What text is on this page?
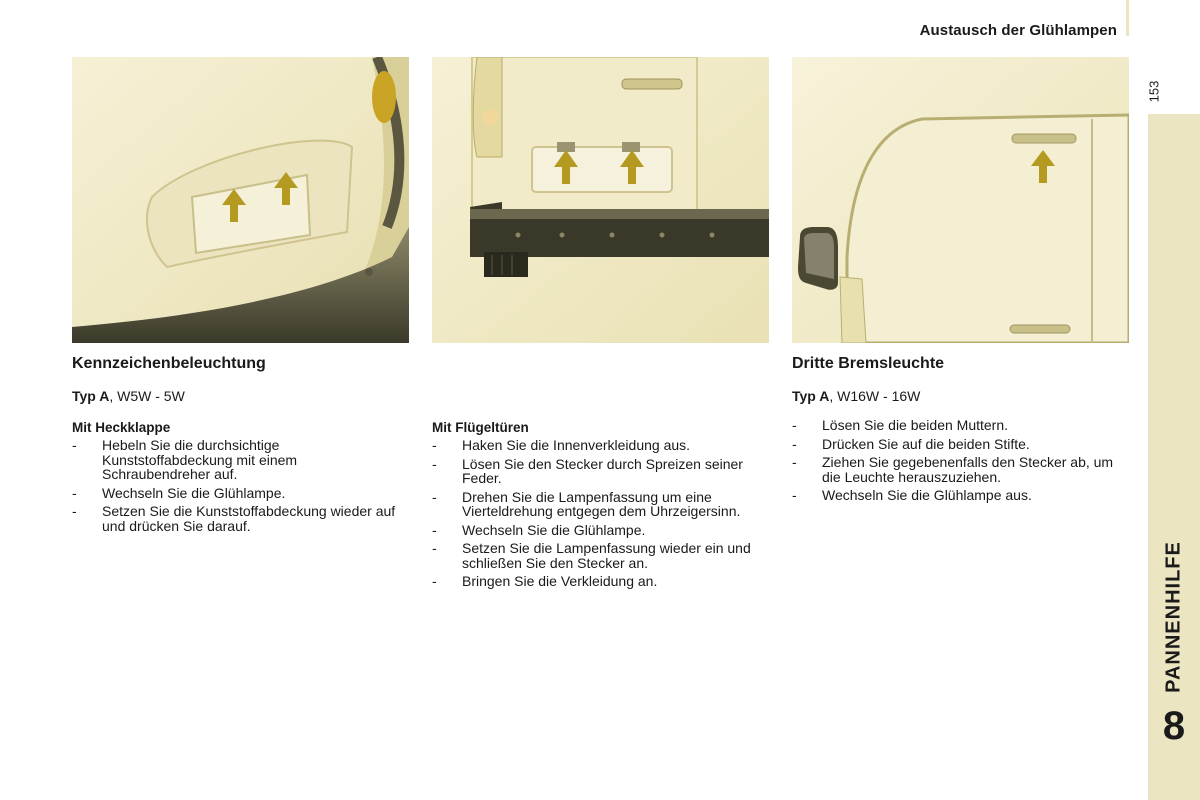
Austausch der Glühlampen
153
PANNENHILFE
8
Kennzeichenbeleuchtung
Typ A, W5W - 5W
Mit Heckklappe
- Hebeln Sie die durchsichtige Kunststoffabdeckung mit einem Schraubendreher auf.
- Wechseln Sie die Glühlampe.
- Setzen Sie die Kunststoffabdeckung wieder auf und drücken Sie darauf.
Mit Flügeltüren
- Haken Sie die Innenverkleidung aus.
- Lösen Sie den Stecker durch Spreizen seiner Feder.
- Drehen Sie die Lampenfassung um eine Vierteldrehung entgegen dem Uhrzeigersinn.
- Wechseln Sie die Glühlampe.
- Setzen Sie die Lampenfassung wieder ein und schließen Sie den Stecker an.
- Bringen Sie die Verkleidung an.
Dritte Bremsleuchte
Typ A, W16W - 16W
- Lösen Sie die beiden Muttern.
- Drücken Sie auf die beiden Stifte.
- Ziehen Sie gegebenenfalls den Stecker ab, um die Leuchte herauszuziehen.
- Wechseln Sie die Glühlampe aus.
